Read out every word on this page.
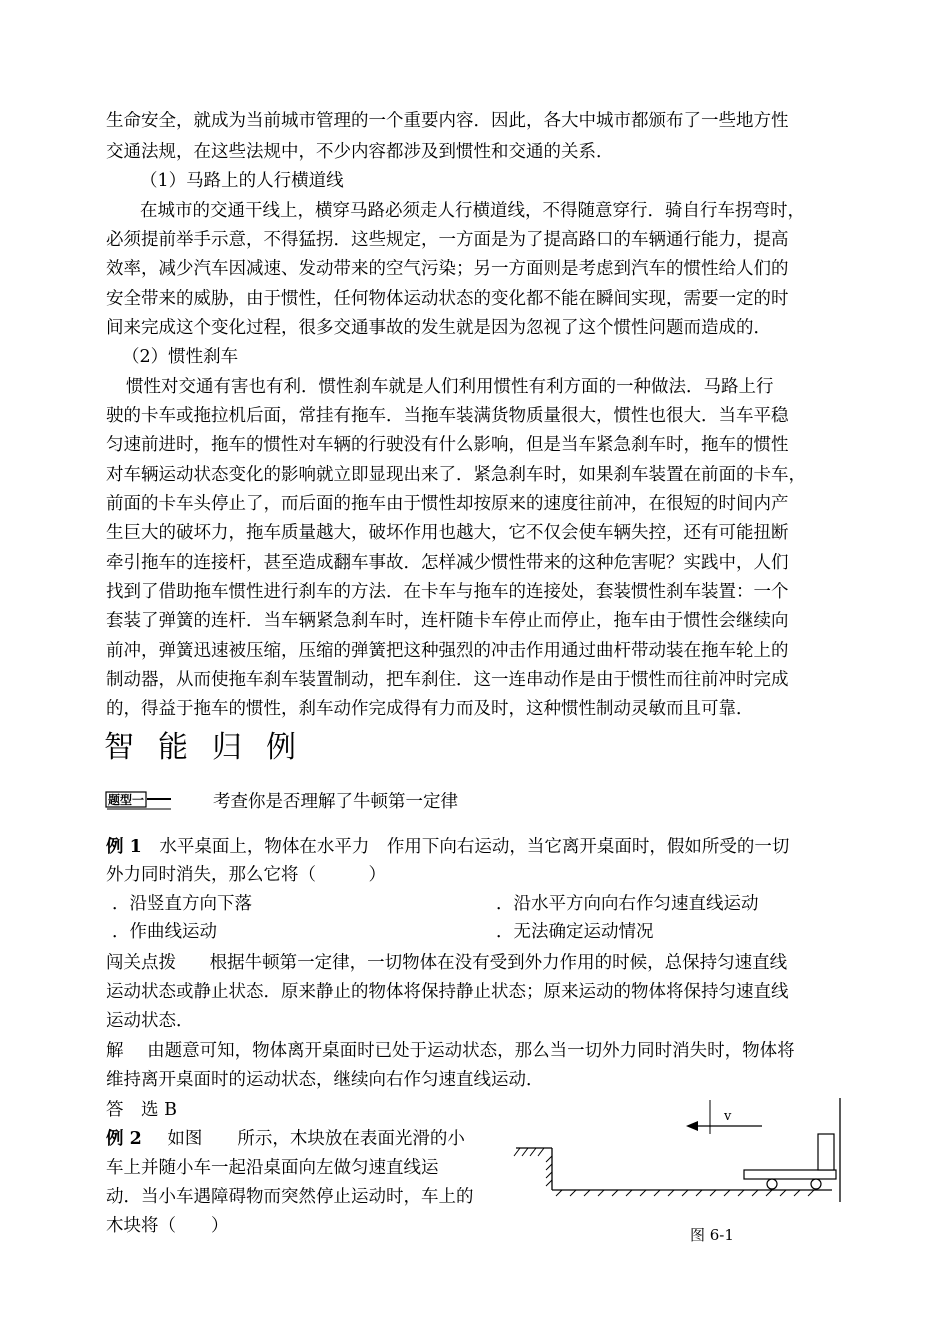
生命安全，就成为当前城市管理的一个重要内容．因此，各大中城市都颁布了一些地方性
交通法规，在这些法规中，不少内容都涉及到惯性和交通的关系．
（1）马路上的人行横道线
在城市的交通干线上，横穿马路必须走人行横道线，不得随意穿行．骑自行车拐弯时，
必须提前举手示意，不得猛拐．这些规定，一方面是为了提高路口的车辆通行能力，提高
效率，减少汽车因减速、发动带来的空气污染；另一方面则是考虑到汽车的惯性给人们的
安全带来的威胁，由于惯性，任何物体运动状态的变化都不能在瞬间实现，需要一定的时
间来完成这个变化过程，很多交通事故的发生就是因为忽视了这个惯性问题而造成的．
（2）惯性刹车
惯性对交通有害也有利．惯性刹车就是人们利用惯性有利方面的一种做法．马路上行
驶的卡车或拖拉机后面，常挂有拖车．当拖车装满货物质量很大，惯性也很大．当车平稳
匀速前进时，拖车的惯性对车辆的行驶没有什么影响，但是当车紧急刹车时，拖车的惯性
对车辆运动状态变化的影响就立即显现出来了．紧急刹车时，如果刹车装置在前面的卡车，
前面的卡车头停止了，而后面的拖车由于惯性却按原来的速度往前冲，在很短的时间内产
生巨大的破坏力，拖车质量越大，破坏作用也越大，它不仅会使车辆失控，还有可能扭断
牵引拖车的连接杆，甚至造成翻车事故．怎样减少惯性带来的这种危害呢？实践中，人们
找到了借助拖车惯性进行刹车的方法．在卡车与拖车的连接处，套装惯性刹车装置：一个
套装了弹簧的连杆．当车辆紧急刹车时，连杆随卡车停止而停止，拖车由于惯性会继续向
前冲，弹簧迅速被压缩，压缩的弹簧把这种强烈的冲击作用通过曲杆带动装在拖车轮上的
制动器，从而使拖车刹车装置制动，把车刹住．这一连串动作是由于惯性而往前冲时完成
的，得益于拖车的惯性，刹车动作完成得有力而及时，这种惯性制动灵敏而且可靠．
智能归例
题型一	考查你是否理解了牛顿第一定律
例 1 水平桌面上，物体在水平力　作用下向右运动，当它离开桌面时，假如所受的一切
外力同时消失，那么它将（　　　）
．沿竖直方向下落	．沿水平方向向右作匀速直线运动
．作曲线运动	．无法确定运动情况
闯关点拨 根据牛顿第一定律，一切物体在没有受到外力作用的时候，总保持匀速直线
运动状态或静止状态．原来静止的物体将保持静止状态；原来运动的物体将保持匀速直线
运动状态．
解 由题意可知，物体离开桌面时已处于运动状态，那么当一切外力同时消失时，物体将
维持离开桌面时的运动状态，继续向右作匀速直线运动．
答　选 B
例 2 如图　　所示，木块放在表面光滑的小
车上并随小车一起沿桌面向左做匀速直线运
动．当小车遇障碍物而突然停止运动时，车上的
木块将（　　）
v
图 6-1
